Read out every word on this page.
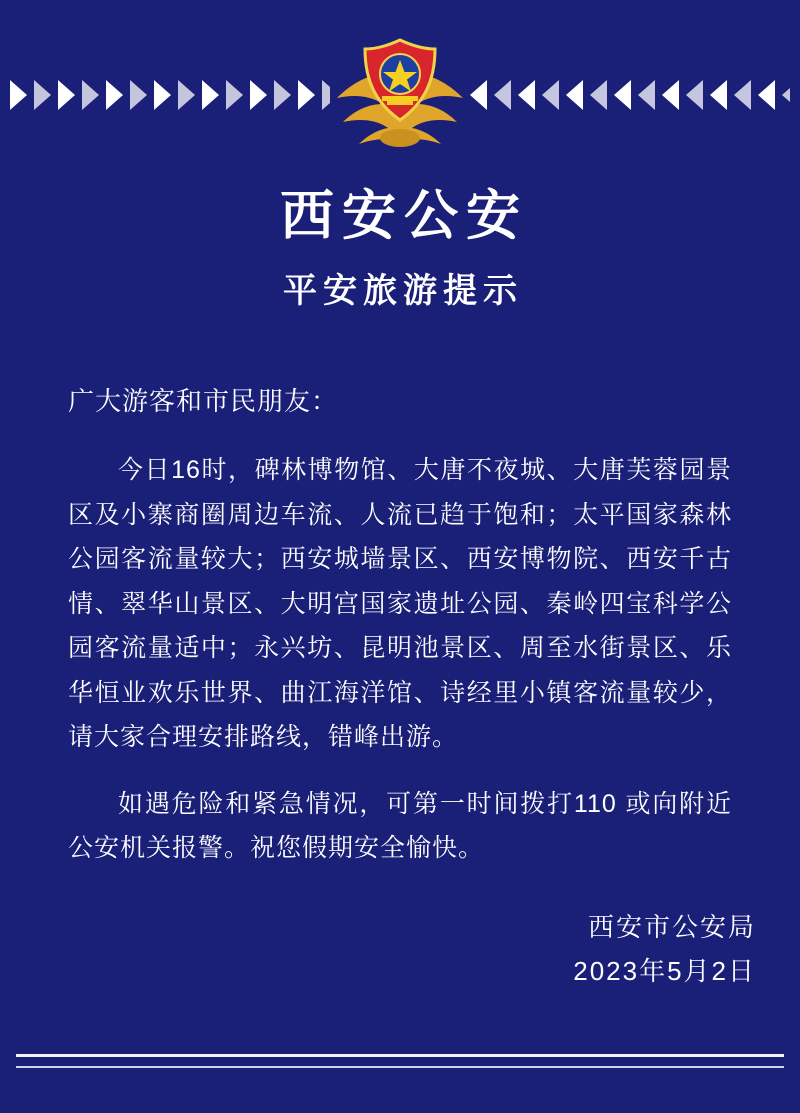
西安公安
平安旅游提示
广大游客和市民朋友：
今日16时，碑林博物馆、大唐不夜城、大唐芙蓉园景区及小寨商圈周边车流、人流已趋于饱和；太平国家森林公园客流量较大；西安城墙景区、西安博物院、西安千古情、翠华山景区、大明宫国家遗址公园、秦岭四宝科学公园客流量适中；永兴坊、昆明池景区、周至水街景区、乐华恒业欢乐世界、曲江海洋馆、诗经里小镇客流量较少，请大家合理安排路线，错峰出游。
如遇危险和紧急情况，可第一时间拨打110 或向附近公安机关报警。祝您假期安全愉快。
西安市公安局
2023年5月2日
